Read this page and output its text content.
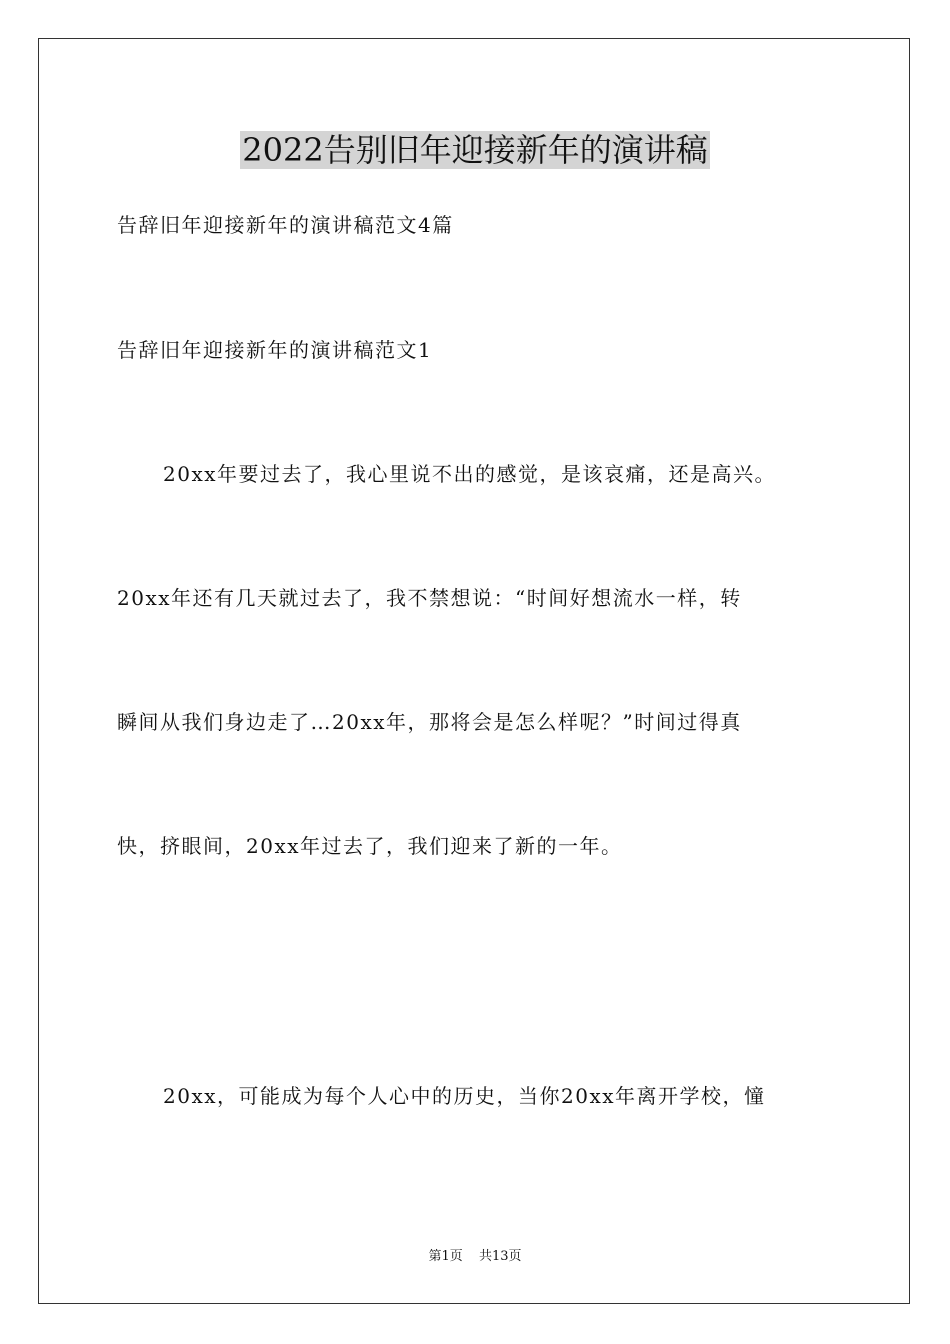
2022告别旧年迎接新年的演讲稿

告辞旧年迎接新年的演讲稿范文4篇

告辞旧年迎接新年的演讲稿范文1

20xx年要过去了，我心里说不出的感觉，是该哀痛，还是高兴。

20xx年还有几天就过去了，我不禁想说：“时间好想流水一样，转

瞬间从我们身边走了…20xx年，那将会是怎么样呢？”时间过得真

快，挤眼间，20xx年过去了，我们迎来了新的一年。

20xx，可能成为每个人心中的历史，当你20xx年离开学校，憧

第1页 共13页
